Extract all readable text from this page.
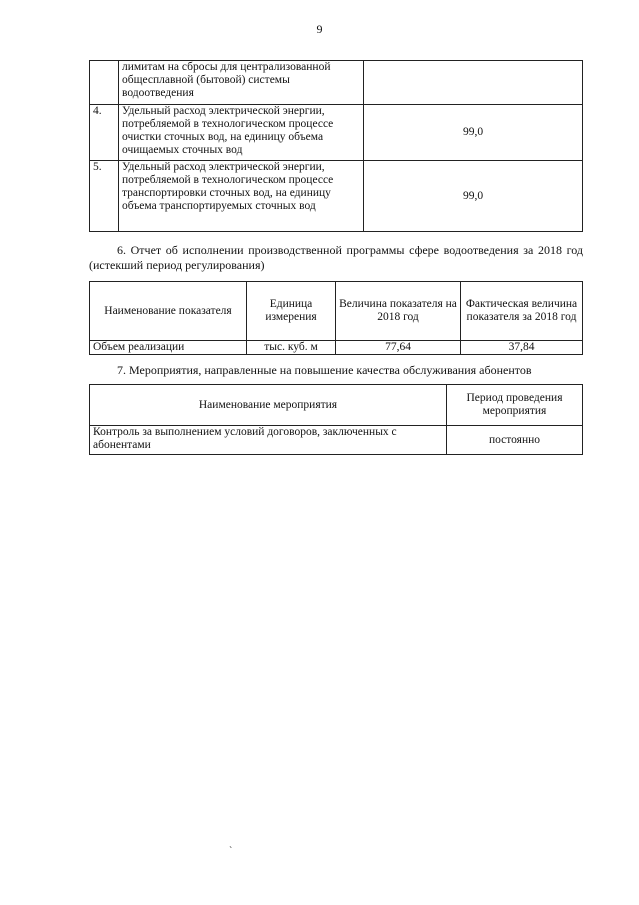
9
	лимитам на сбросы для централизованной общесплавной (бытовой) системы водоотведения	
4.	Удельный расход электрической энергии, потребляемой в технологическом процессе очистки сточных вод, на единицу объема очищаемых сточных вод	99,0
5.	Удельный расход электрической энергии, потребляемой в технологическом процессе транспортировки сточных вод, на единицу объема транспортируемых сточных вод	99,0
6. Отчет об исполнении производственной программы сфере водоотведения за 2018 год (истекший период регулирования)
Наименование показателя	Единица измерения	Величина показателя на 2018 год	Фактическая величина показателя за 2018 год
Объем реализации	тыс. куб. м	77,64	37,84
7. Мероприятия, направленные на повышение качества обслуживания абонентов
Наименование мероприятия	Период проведения мероприятия
Контроль за выполнением условий договоров, заключенных с абонентами	постоянно
`
